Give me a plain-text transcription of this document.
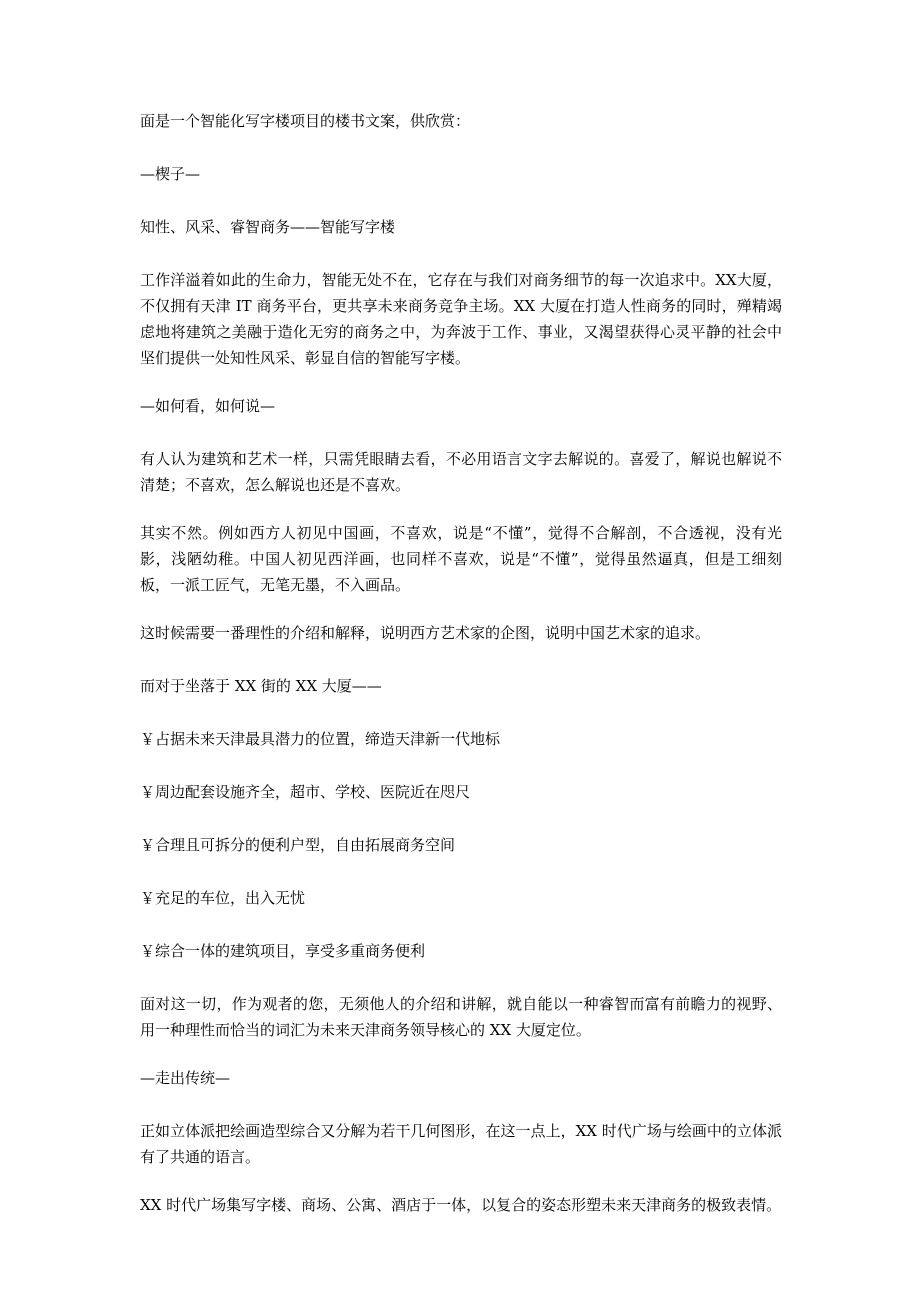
面是一个智能化写字楼项目的楼书文案，供欣赏：

—楔子—

知性、风采、睿智商务——智能写字楼

工作洋溢着如此的生命力，智能无处不在，它存在与我们对商务细节的每一次追求中。XX大厦，不仅拥有天津 IT 商务平台，更共享未来商务竞争主场。XX 大厦在打造人性商务的同时，殚精竭虑地将建筑之美融于造化无穷的商务之中，为奔波于工作、事业，又渴望获得心灵平静的社会中坚们提供一处知性风采、彰显自信的智能写字楼。

—如何看，如何说—

有人认为建筑和艺术一样，只需凭眼睛去看，不必用语言文字去解说的。喜爱了，解说也解说不清楚；不喜欢，怎么解说也还是不喜欢。

其实不然。例如西方人初见中国画，不喜欢，说是“不懂”，觉得不合解剖，不合透视，没有光影，浅陋幼稚。中国人初见西洋画，也同样不喜欢，说是“不懂”，觉得虽然逼真，但是工细刻板，一派工匠气，无笔无墨，不入画品。

这时候需要一番理性的介绍和解释，说明西方艺术家的企图，说明中国艺术家的追求。

而对于坐落于 XX 街的 XX 大厦——

￥占据未来天津最具潜力的位置，缔造天津新一代地标

￥周边配套设施齐全，超市、学校、医院近在咫尺

￥合理且可拆分的便利户型，自由拓展商务空间

￥充足的车位，出入无忧

￥综合一体的建筑项目，享受多重商务便利

面对这一切，作为观者的您，无须他人的介绍和讲解，就自能以一种睿智而富有前瞻力的视野、用一种理性而恰当的词汇为未来天津商务领导核心的 XX 大厦定位。

—走出传统—

正如立体派把绘画造型综合又分解为若干几何图形，在这一点上，XX 时代广场与绘画中的立体派有了共通的语言。

XX 时代广场集写字楼、商场、公寓、酒店于一体，以复合的姿态形塑未来天津商务的极致表情。
